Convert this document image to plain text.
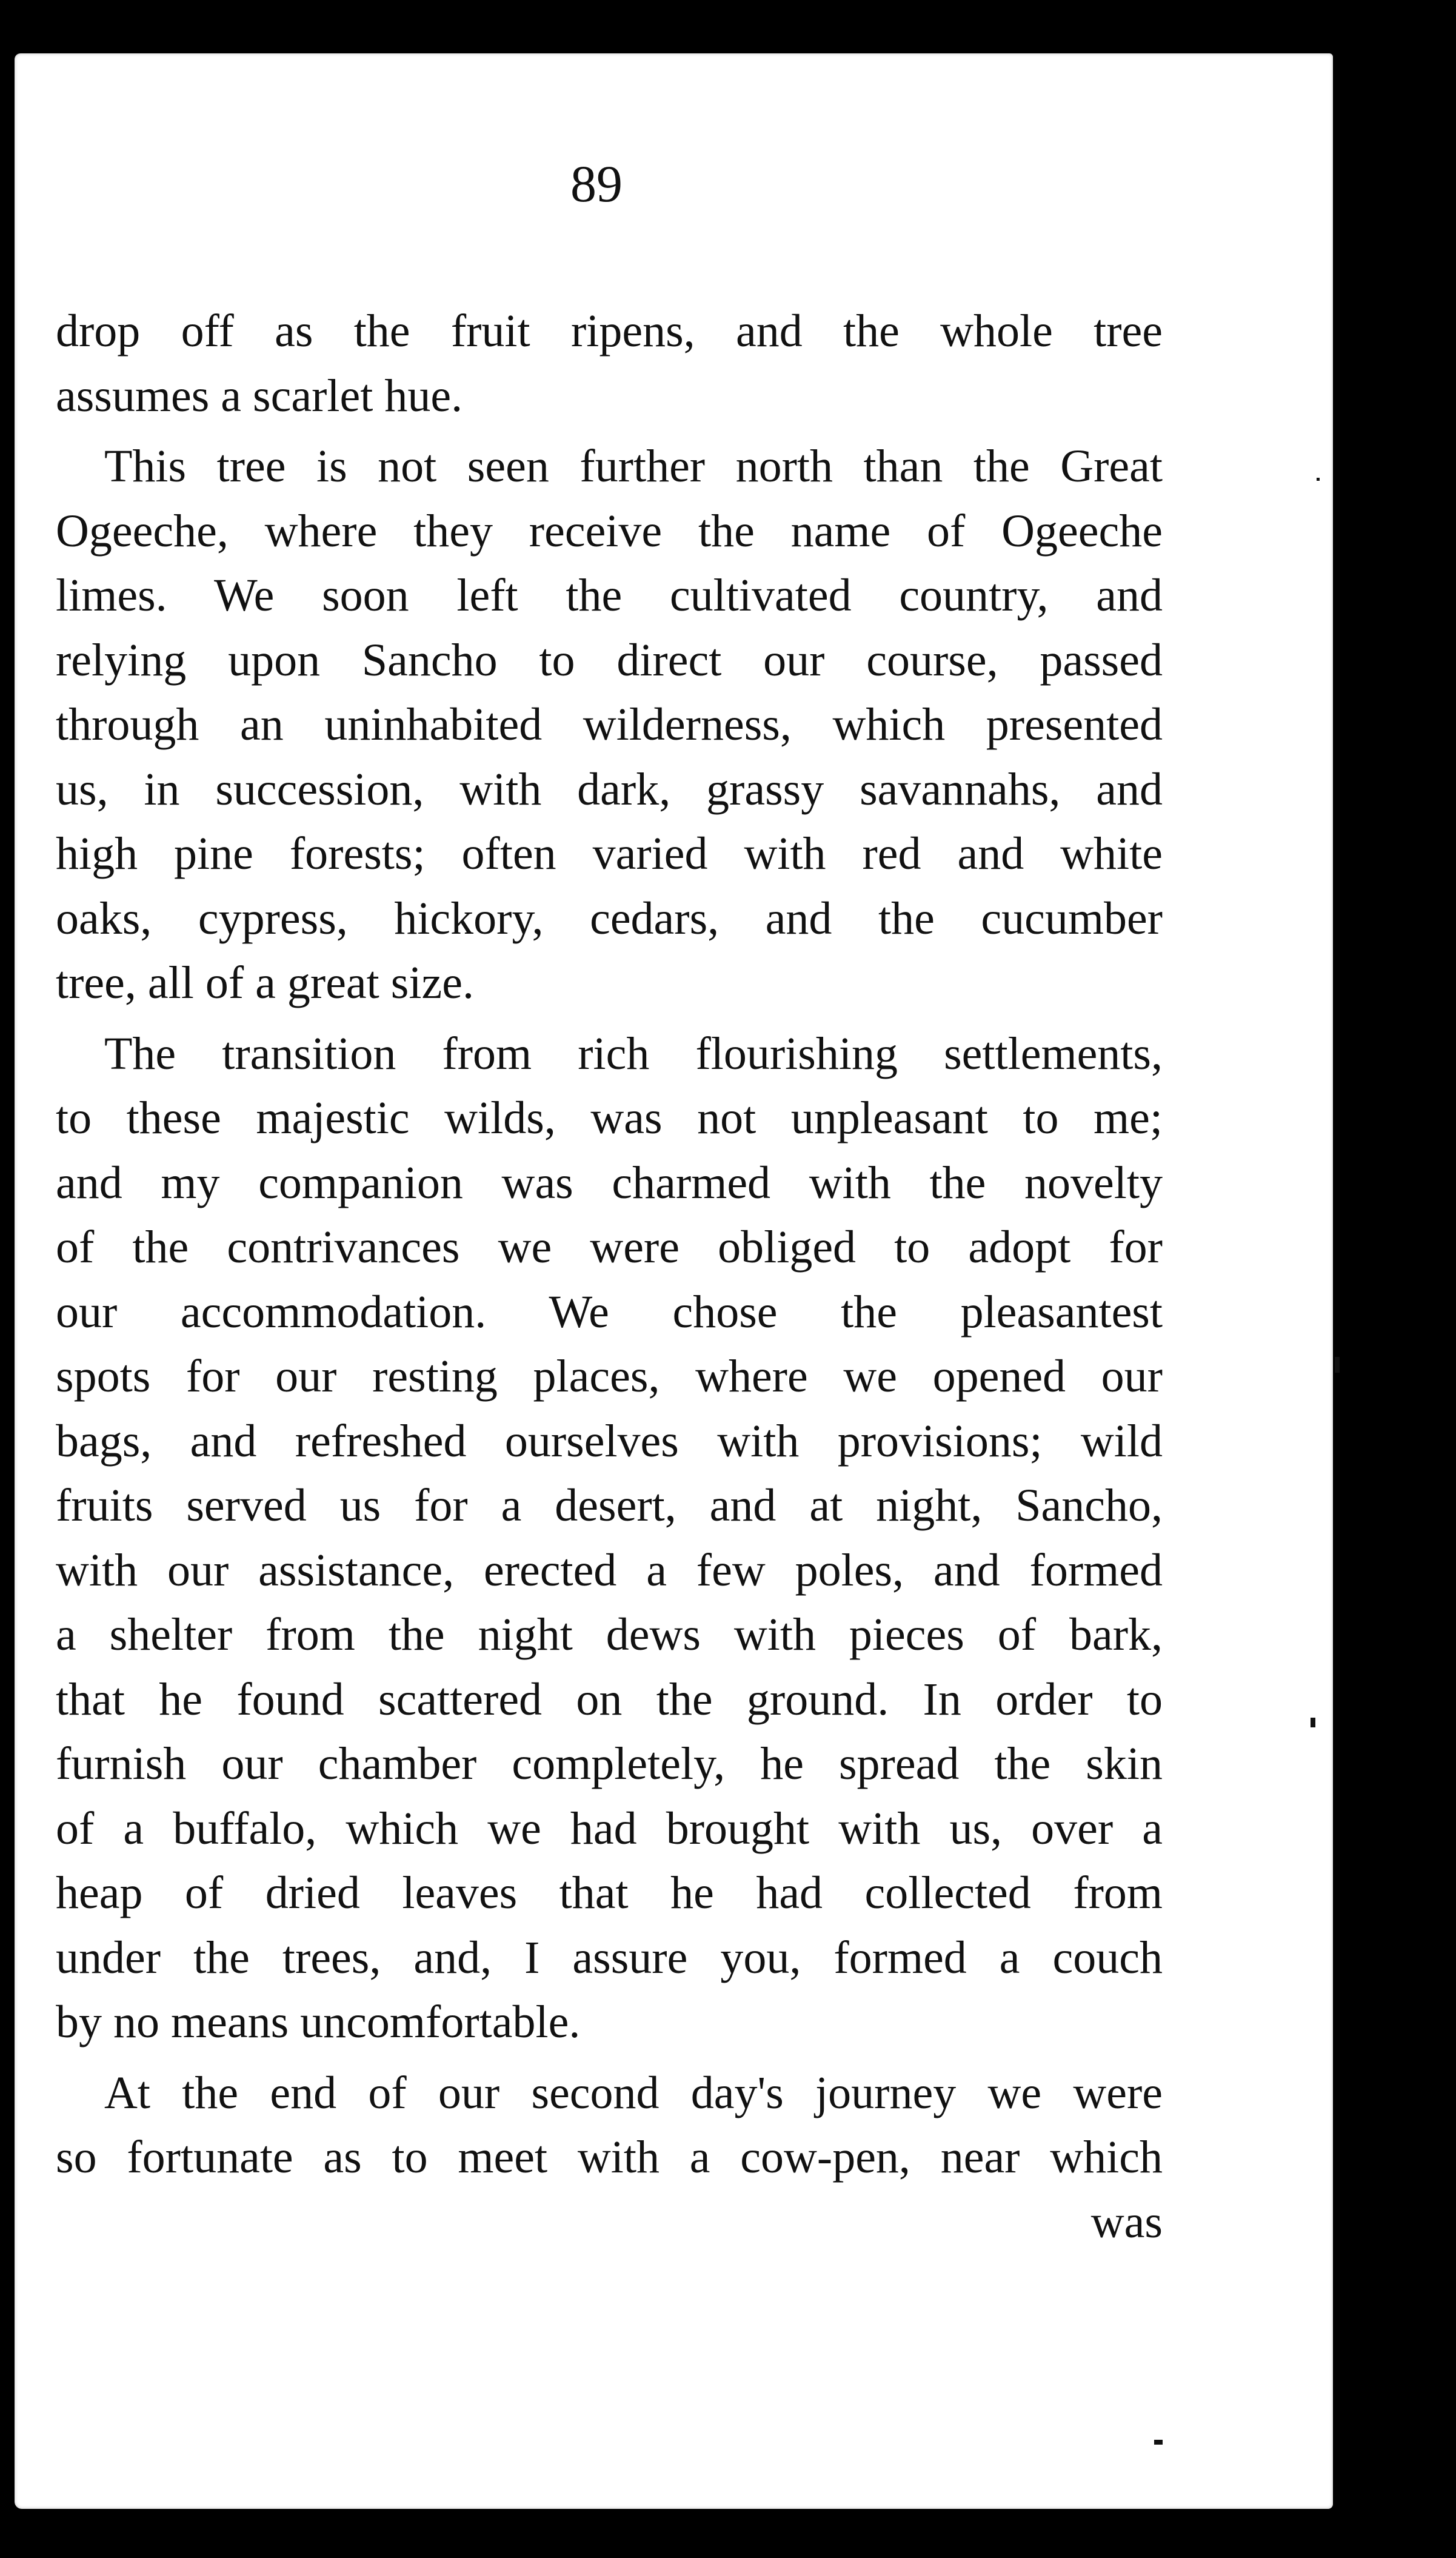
89
drop off as the fruit ripens, and the whole tree
assumes a scarlet hue.
This tree is not seen further north than the Great
Ogeeche, where they receive the name of Ogeeche
limes. We soon left the cultivated country, and
relying upon Sancho to direct our course, passed
through an uninhabited wilderness, which presented
us, in succession, with dark, grassy savannahs, and
high pine forests; often varied with red and white
oaks, cypress, hickory, cedars, and the cucumber
tree, all of a great size.
The transition from rich flourishing settlements,
to these majestic wilds, was not unpleasant to me;
and my companion was charmed with the novelty
of the contrivances we were obliged to adopt for
our accommodation. We chose the pleasantest
spots for our resting places, where we opened our
bags, and refreshed ourselves with provisions; wild
fruits served us for a desert, and at night, Sancho,
with our assistance, erected a few poles, and formed
a shelter from the night dews with pieces of bark,
that he found scattered on the ground. In order to
furnish our chamber completely, he spread the skin
of a buffalo, which we had brought with us, over a
heap of dried leaves that he had collected from
under the trees, and, I assure you, formed a couch
by no means uncomfortable.
At the end of our second day's journey we were
so fortunate as to meet with a cow-pen, near which
was
